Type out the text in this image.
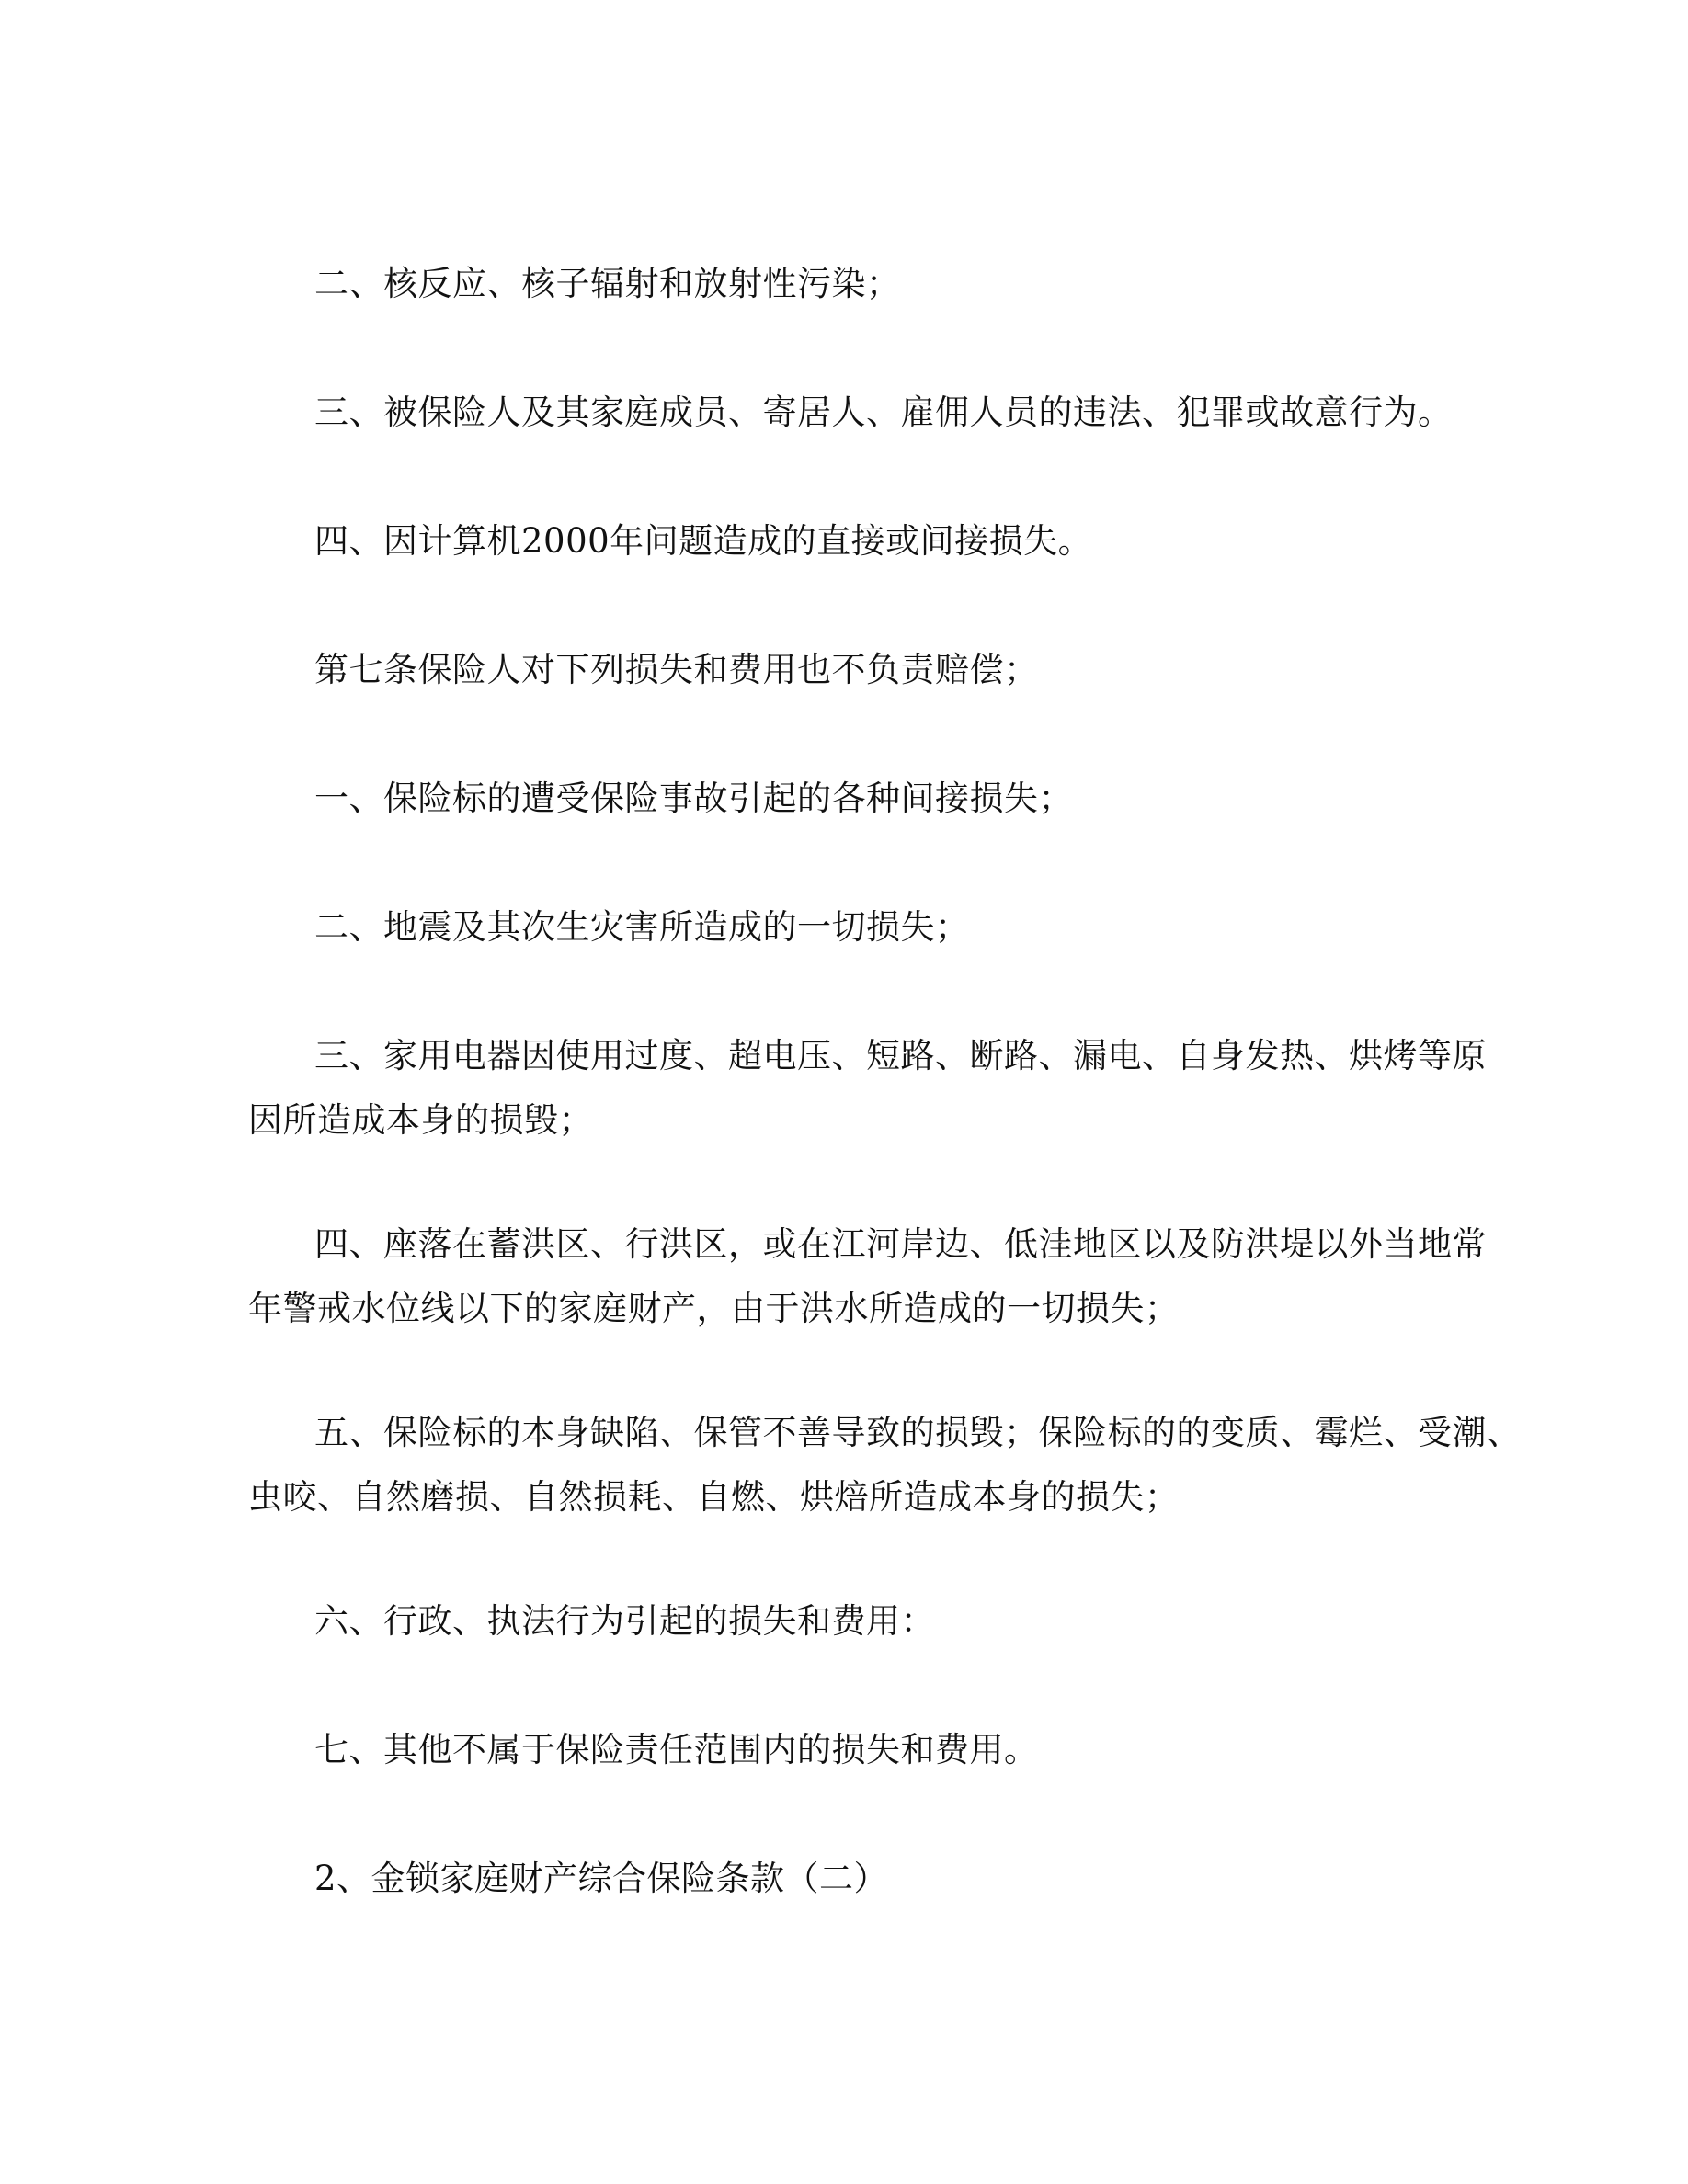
二、核反应、核子辐射和放射性污染；
三、被保险人及其家庭成员、寄居人、雇佣人员的违法、犯罪或故意行为。
四、因计算机2000年问题造成的直接或间接损失。
第七条保险人对下列损失和费用也不负责赔偿；
一、保险标的遭受保险事故引起的各种间接损失；
二、地震及其次生灾害所造成的一切损失；
三、家用电器因使用过度、超电压、短路、断路、漏电、自身发热、烘烤等原
因所造成本身的损毁；
四、座落在蓄洪区、行洪区，或在江河岸边、低洼地区以及防洪堤以外当地常
年警戒水位线以下的家庭财产，由于洪水所造成的一切损失；
五、保险标的本身缺陷、保管不善导致的损毁；保险标的的变质、霉烂、受潮、
虫咬、自然磨损、自然损耗、自燃、烘焙所造成本身的损失；
六、行政、执法行为引起的损失和费用：
七、其他不属于保险责任范围内的损失和费用。
2、金锁家庭财产综合保险条款（二）
